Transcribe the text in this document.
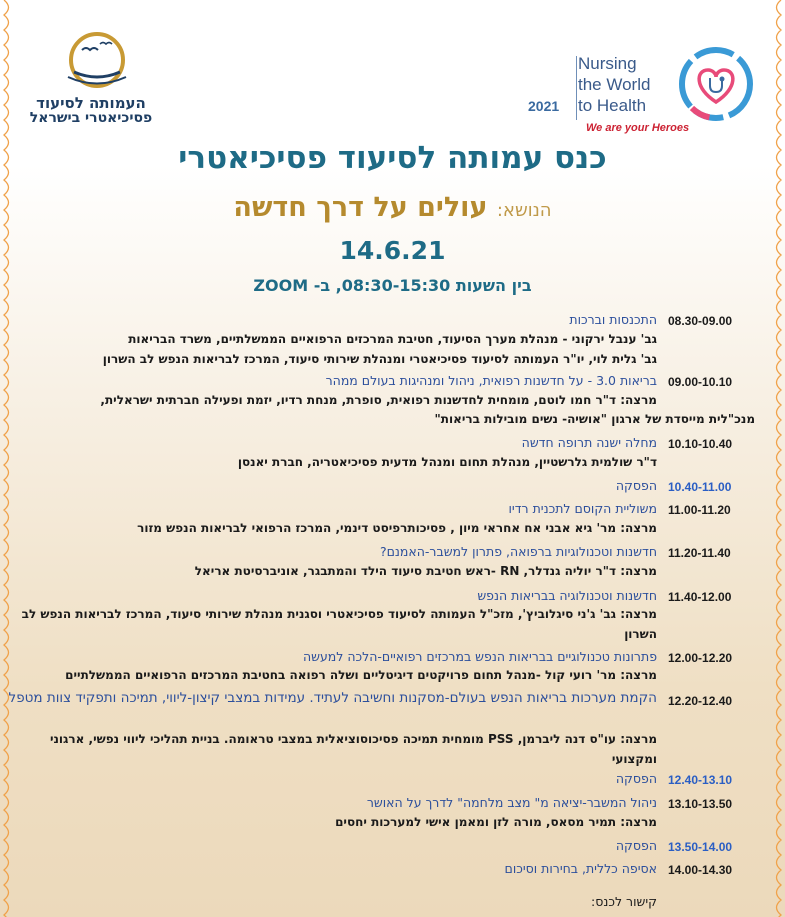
העמותה לסיעוד
פסיכיאטרי בישראל
Nursing
the World
to Health
2021
We are your Heroes
כנס עמותה לסיעוד פסיכיאטרי
הנושא: עולים על דרך חדשה
14.6.21
בין השעות 08:30-15:30, ב- ZOOM
08.30-09.00
התכנסות וברכות
גב' ענבל ירקוני - מנהלת מערך הסיעוד, חטיבת המרכזים הרפואיים הממשלתיים, משרד הבריאות
גב' גלית לוי, יו"ר העמותה לסיעוד פסיכיאטרי ומנהלת שירותי סיעוד, המרכז לבריאות הנפש לב השרון
09.00-10.10
בריאות 3.0 - על חדשנות רפואית, ניהול ומנהיגות בעולם ממהר
מרצה: ד"ר חמו לוטם, מומחית לחדשנות רפואית, סופרת, מנחת רדיו, יזמת ופעילה חברתית ישראלית,
מנכ"לית מייסדת של ארגון "אושיה- נשים מובילות בריאות"
10.10-10.40
מחלה ישנה תרופה חדשה
ד"ר שולמית גלרשטיין, מנהלת תחום ומנהל מדעית פסיכיאטריה, חברת יאנסן
10.40-11.00
הפסקה
11.00-11.20
משוליית הקוסם לתכנית רדיו
מרצה: מר' גיא אבני אח אחראי מיון , פסיכותרפיסט דינמי, המרכז הרפואי לבריאות הנפש מזור
11.20-11.40
חדשנות וטכנולוגיות ברפואה, פתרון למשבר-האמנם?
מרצה: ד"ר יוליה גנדלר, RN -ראש חטיבת סיעוד הילד והמתבגר, אוניברסיטת אריאל
11.40-12.00
חדשנות וטכנולוגיה בבריאות הנפש
מרצה: גב' ג'ני סיגלוביץ', מזכ"ל העמותה לסיעוד פסיכיאטרי וסגנית מנהלת שירותי סיעוד, המרכז לבריאות הנפש לב השרון
12.00-12.20
פתרונות טכנולוגיים בבריאות הנפש במרכזים רפואיים-הלכה למעשה
מרצה: מר' רועי קול -מנהל תחום פרויקטים דיגיטליים ושלה רפואה בחטיבת המרכזים הרפואיים הממשלתיים
12.20-12.40
הקמת מערכות בריאות הנפש בעולם-מסקנות וחשיבה לעתיד. עמידות במצבי קיצון-ליווי, תמיכה ותפקיד צוות מטפל
מרצה: עו"ס דנה ליברמן, PSS מומחית תמיכה פסיכוסוציאלית במצבי טראומה. בניית תהליכי ליווי נפשי, ארגוני ומקצועי
12.40-13.10
הפסקה
13.10-13.50
ניהול המשבר-יציאה מ" מצב מלחמה" לדרך על האושר
מרצה: תמיר מסאס, מורה לזן ומאמן אישי למערכות יחסים
13.50-14.00
הפסקה
14.00-14.30
אסיפה כללית, בחירות וסיכום
קישור לכנס:
